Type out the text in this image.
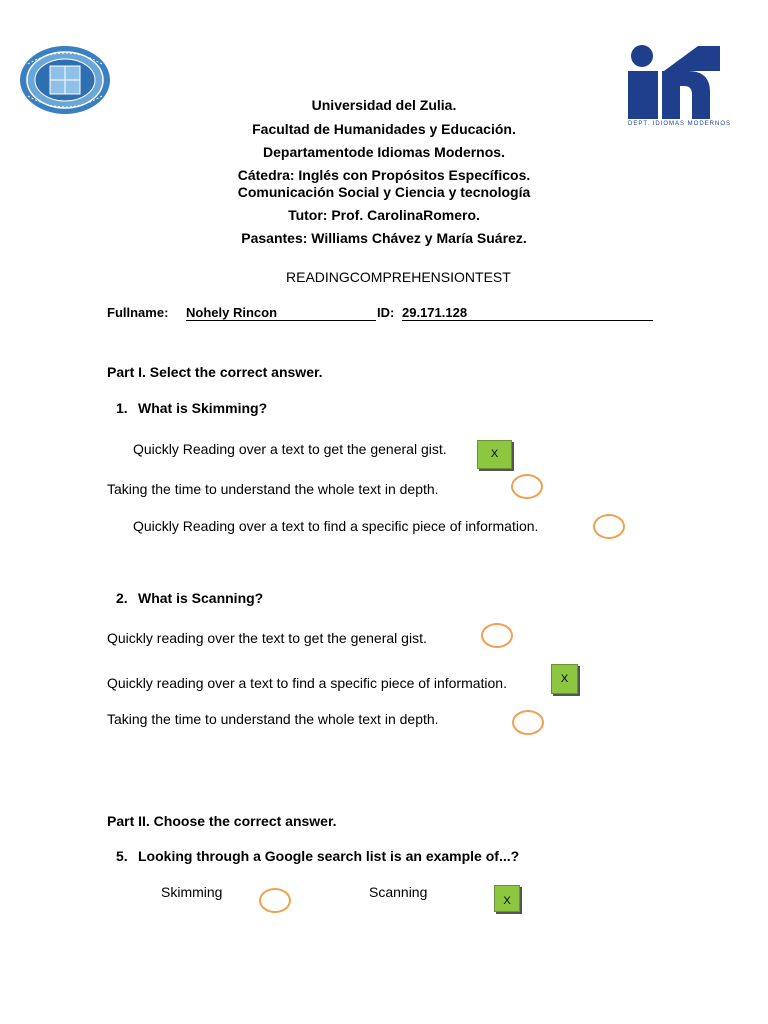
DEPT. IDIOMAS MODERNOS
Universidad del Zulia.
Facultad de Humanidades y Educación.
Departamentode Idiomas Modernos.
Cátedra: Inglés con Propósitos Específicos.
Comunicación Social y Ciencia y tecnología
Tutor: Prof. CarolinaRomero.
Pasantes: Williams Chávez y María Suárez.
READINGCOMPREHENSIONTEST
Fullname: Nohely Rincon	ID: 29.171.128
Part I. Select the correct answer.
1. What is Skimming?
Quickly Reading over a text to get the general gist.	X
Taking the time to understand the whole text in depth.
Quickly Reading over a text to find a specific piece of information.
2. What is Scanning?
Quickly reading over the text to get the general gist.
Quickly reading over a text to find a specific piece of information.	X
Taking the time to understand the whole text in depth.
Part II. Choose the correct answer.
5. Looking through a Google search list is an example of...?
Skimming	Scanning
X
